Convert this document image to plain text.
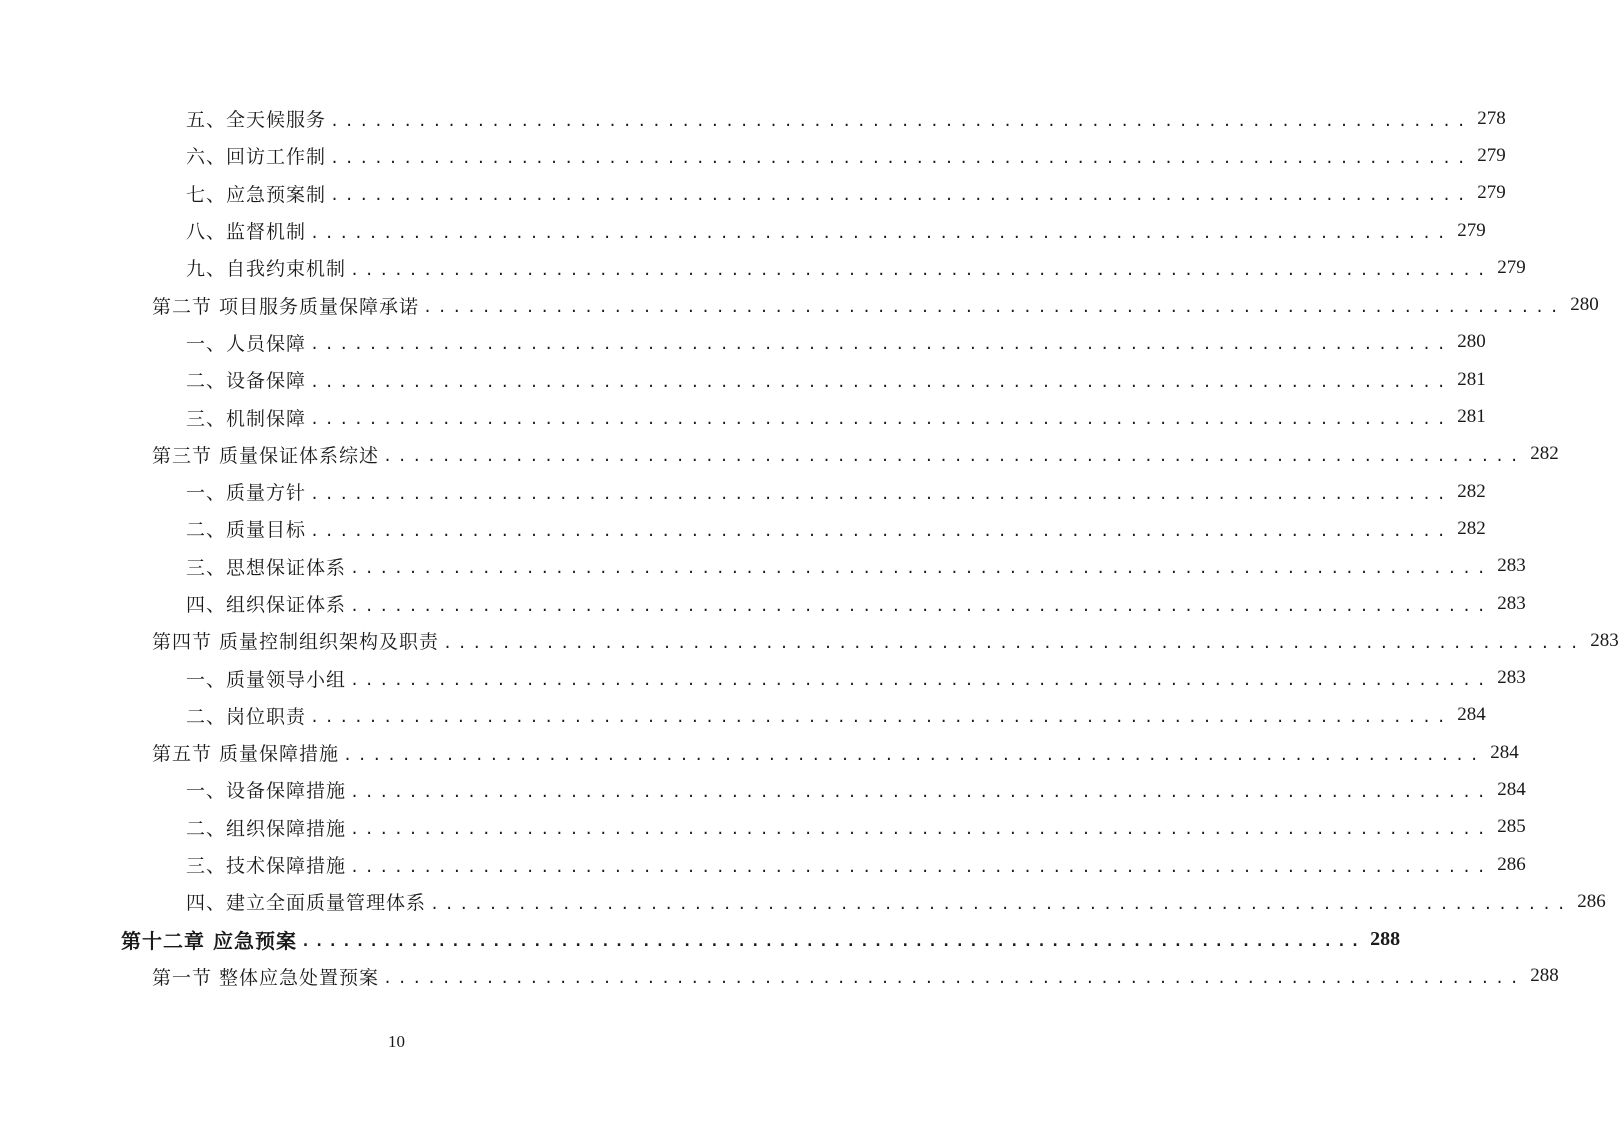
五、全天候服务 .............................................................................. 278
六、回访工作制 .............................................................................. 279
七、应急预案制 .............................................................................. 279
八、监督机制 .............................................................................. 279
九、自我约束机制 .............................................................................. 279
第二节 项目服务质量保障承诺 .............................................................................. 280
一、人员保障 .............................................................................. 280
二、设备保障 .............................................................................. 281
三、机制保障 .............................................................................. 281
第三节 质量保证体系综述 .............................................................................. 282
一、质量方针 .............................................................................. 282
二、质量目标 .............................................................................. 282
三、思想保证体系 .............................................................................. 283
四、组织保证体系 .............................................................................. 283
第四节 质量控制组织架构及职责 .............................................................................. 283
一、质量领导小组 .............................................................................. 283
二、岗位职责 .............................................................................. 284
第五节 质量保障措施 .............................................................................. 284
一、设备保障措施 .............................................................................. 284
二、组织保障措施 .............................................................................. 285
三、技术保障措施 .............................................................................. 286
四、建立全面质量管理体系 .............................................................................. 286
第十二章 应急预案 .............................................................................. 288
第一节 整体应急处置预案 .............................................................................. 288
10
